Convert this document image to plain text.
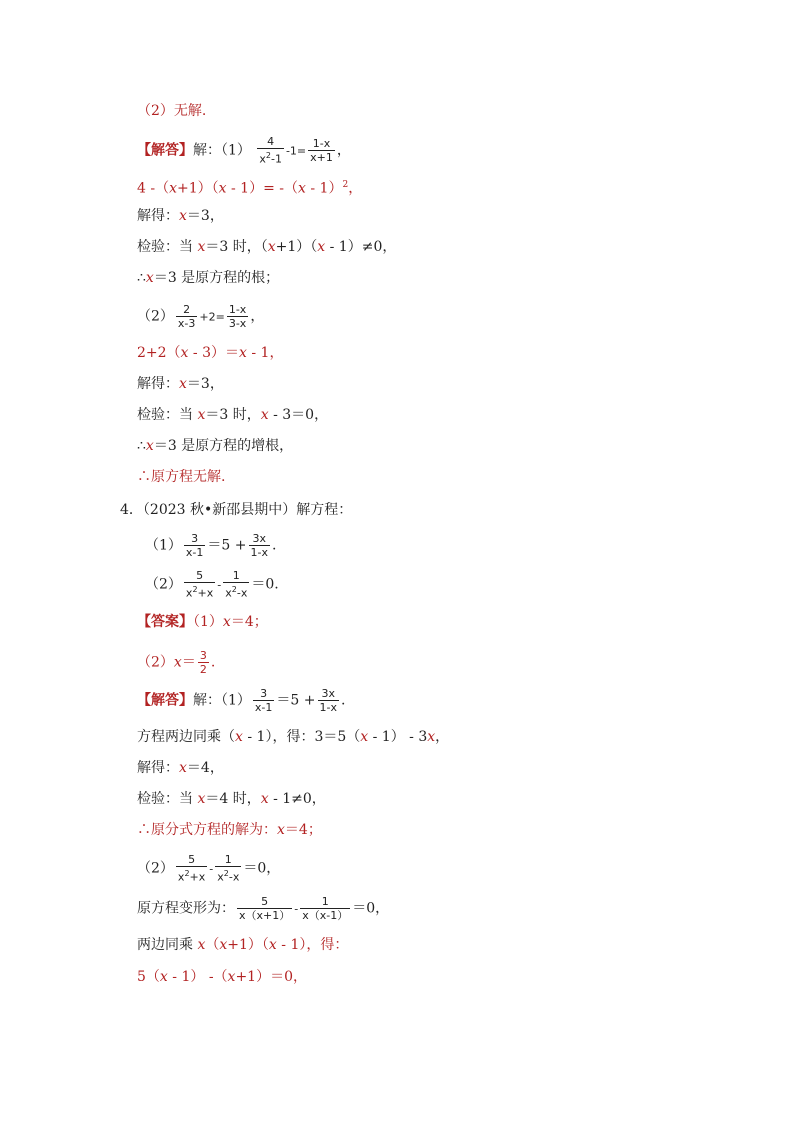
（2）无解.
【解答】解：$(1) \frac{4}{x^2-1} -1= \frac{1-x}{x+1}$ ，
4 -（x+1）（x - 1）= -（x - 1）$^2$，
解得：x＝3，
检验：当 x＝3 时，（x+1）（x - 1）≠0，
∴x＝3 是原方程的根；
$(2) \frac{2}{x-3} +2= \frac{1-x}{3-x}$ ，
2+2（x - 3）＝x - 1，
解得：x＝3，
检验：当 x＝3 时，x - 3＝0，
∴x＝3 是原方程的增根，
∴原方程无解.
4．（2023 秋•新邵县期中）解方程：
$(1) \frac{3}{x-1} =5 + \frac{3x}{1-x}$ .
$(2) \frac{5}{x^2+x} - \frac{1}{x^2-x} =0$.
【答案】（1）x＝4；
$(2)x= \frac{3}{2}$ .
【解答】解：$(1) \frac{3}{x-1} =5 + \frac{3x}{1-x}$ .
方程两边同乘（x - 1），得：3＝5（x - 1） - 3x，
解得：x＝4，
检验：当 x＝4 时，x - 1≠0，
∴原分式方程的解为：x＝4；
$(2) \frac{5}{x^2+x} - \frac{1}{x^2-x} =0$，
原方程变形为： $\frac{5}{x(x+1)} - \frac{1}{x(x-1)} =0$，
两边同乘 x（x+1）（x - 1），得：
5（x - 1） -（x+1）＝0，
